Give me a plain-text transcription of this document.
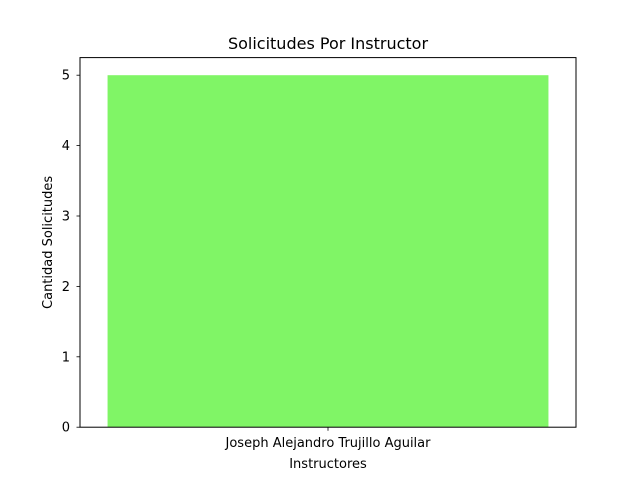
Solicitudes Por Instructor
0
1
2
3
4
5
Joseph Alejandro Trujillo Aguilar
Instructores
Cantidad Solicitudes
